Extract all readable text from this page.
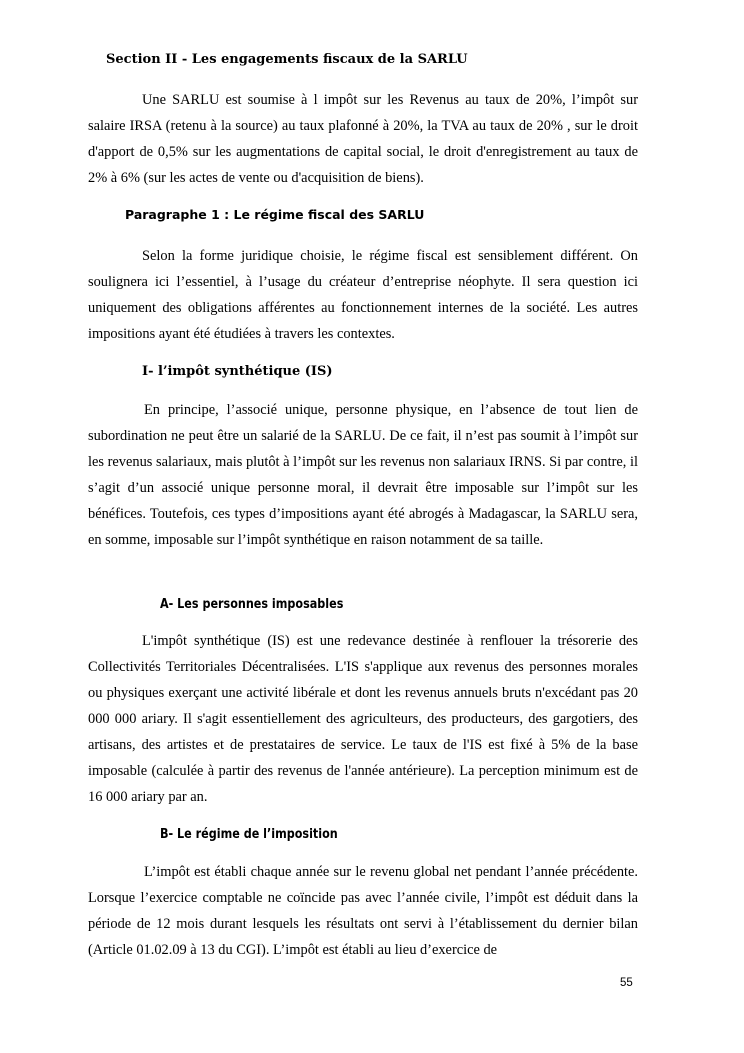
Section II - Les engagements fiscaux de la SARLU

Une SARLU est soumise à l impôt sur les Revenus au taux de 20%, l’impôt sur salaire IRSA (retenu à la source) au taux plafonné à 20%, la TVA au taux de 20% , sur le droit d'apport de 0,5% sur les augmentations de capital social, le droit d'enregistrement au taux de 2% à 6% (sur les actes de vente ou d'acquisition de biens).

Paragraphe 1 : Le régime fiscal des SARLU

Selon la forme juridique choisie, le régime fiscal est sensiblement différent. On soulignera ici l’essentiel, à l’usage du créateur d’entreprise néophyte. Il sera question ici uniquement des obligations afférentes au fonctionnement internes de la société. Les autres impositions ayant été étudiées à travers les contextes.

I- l’impôt synthétique (IS)

En principe, l’associé unique, personne physique, en l’absence de tout lien de subordination ne peut être un salarié de la SARLU. De ce fait, il n’est pas soumit à l’impôt sur les revenus salariaux, mais plutôt à l’impôt sur les revenus non salariaux IRNS. Si par contre, il s’agit d’un associé unique personne moral, il devrait être imposable sur l’impôt sur les bénéfices. Toutefois, ces types d’impositions ayant été abrogés à Madagascar, la SARLU sera, en somme, imposable sur l’impôt synthétique en raison notamment de sa taille.

A- Les personnes imposables

L'impôt synthétique (IS) est une redevance destinée à renflouer la trésorerie des Collectivités Territoriales Décentralisées. L'IS s'applique aux revenus des personnes morales ou physiques exerçant une activité libérale et dont les revenus annuels bruts n'excédant pas 20 000 000 ariary. Il s'agit essentiellement des agriculteurs, des producteurs, des gargotiers, des artisans, des artistes et de prestataires de service. Le taux de l'IS est fixé à 5% de la base imposable (calculée à partir des revenus de l'année antérieure). La perception minimum est de 16 000 ariary par an.

B- Le régime de l’imposition

L’impôt est établi chaque année sur le revenu global net pendant l’année précédente. Lorsque l’exercice comptable ne coïncide pas avec l’année civile, l’impôt est déduit dans la période de 12 mois durant lesquels les résultats ont servi à l’établissement du dernier bilan (Article 01.02.09 à 13 du CGI). L’impôt est établi au lieu d’exercice de

55
